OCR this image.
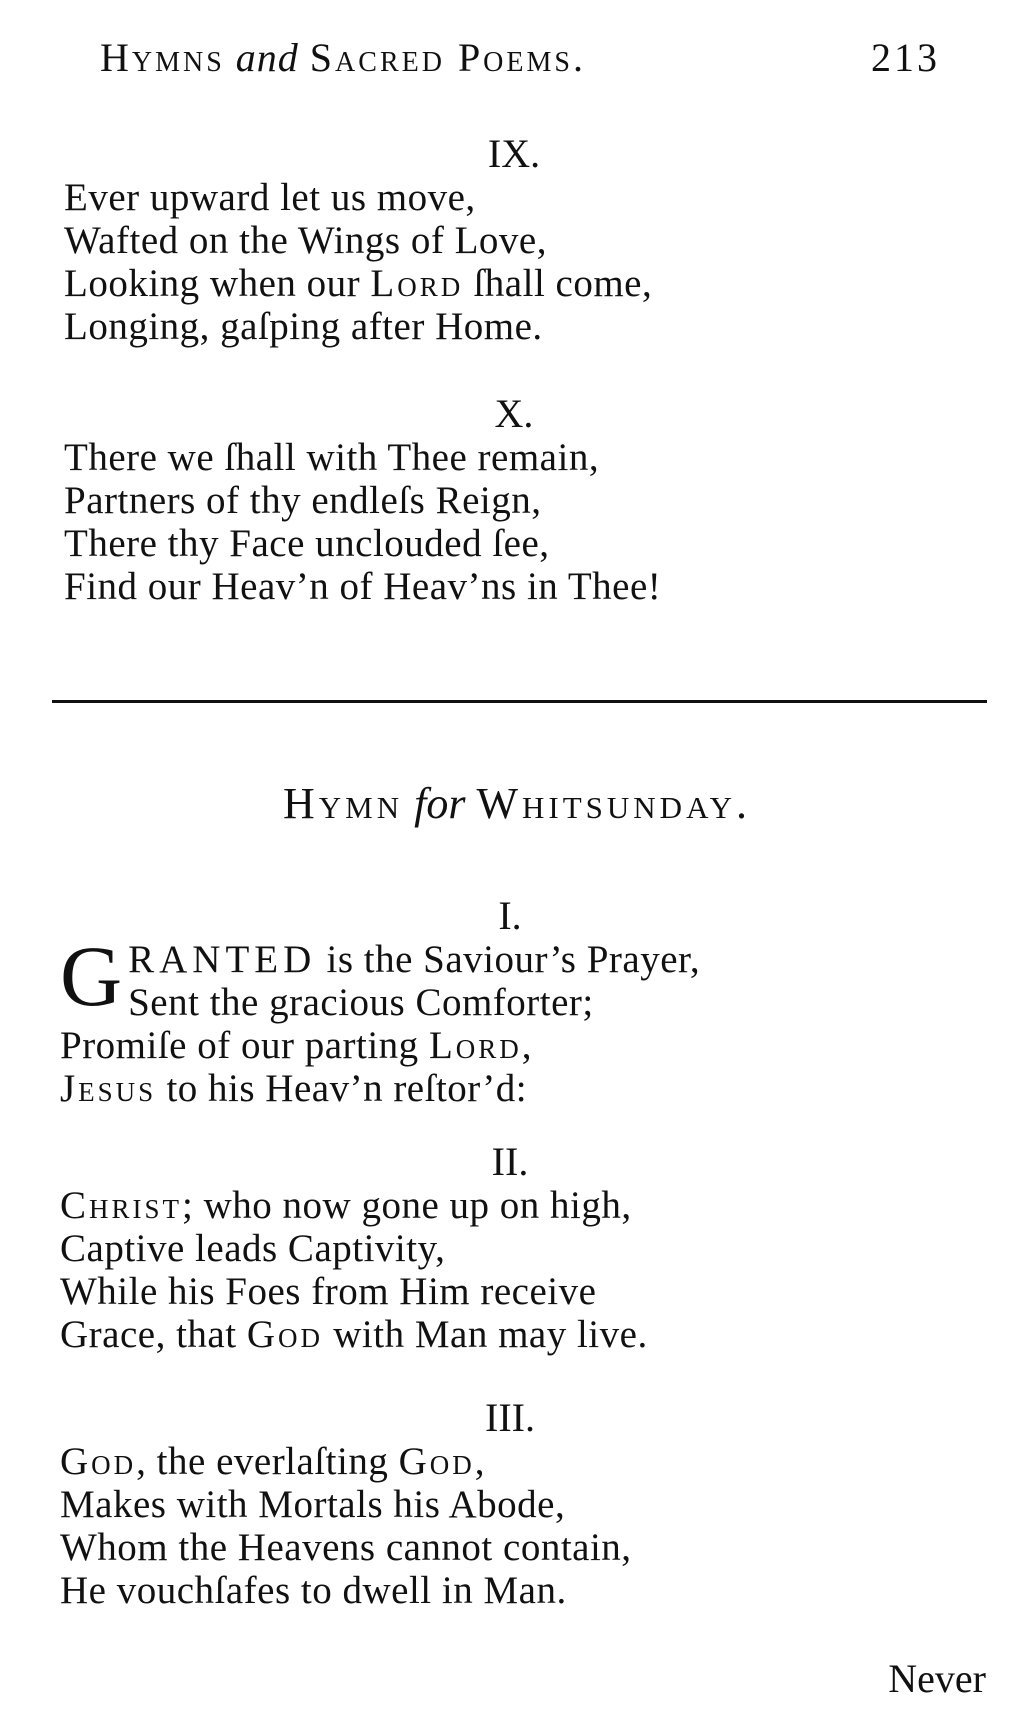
Hymns and Sacred Poems.	213
IX.
Ever upward let us move,
Wafted on the Wings of Love,
Looking when our Lord ſhall come,
Longing, gaſping after Home.
X.
There we ſhall with Thee remain,
Partners of thy endleſs Reign,
There thy Face unclouded ſee,
Find our Heav’n of Heav’ns in Thee!
Hymn for Whitsunday.
I.
G RANTED is the Saviour’s Prayer,
Sent the gracious Comforter;
Promiſe of our parting Lord,
Jesus to his Heav’n reſtor’d:
II.
Christ; who now gone up on high,
Captive leads Captivity,
While his Foes from Him receive
Grace, that God with Man may live.
III.
God, the everlaſting God,
Makes with Mortals his Abode,
Whom the Heavens cannot contain,
He vouchſafes to dwell in Man.
Never
